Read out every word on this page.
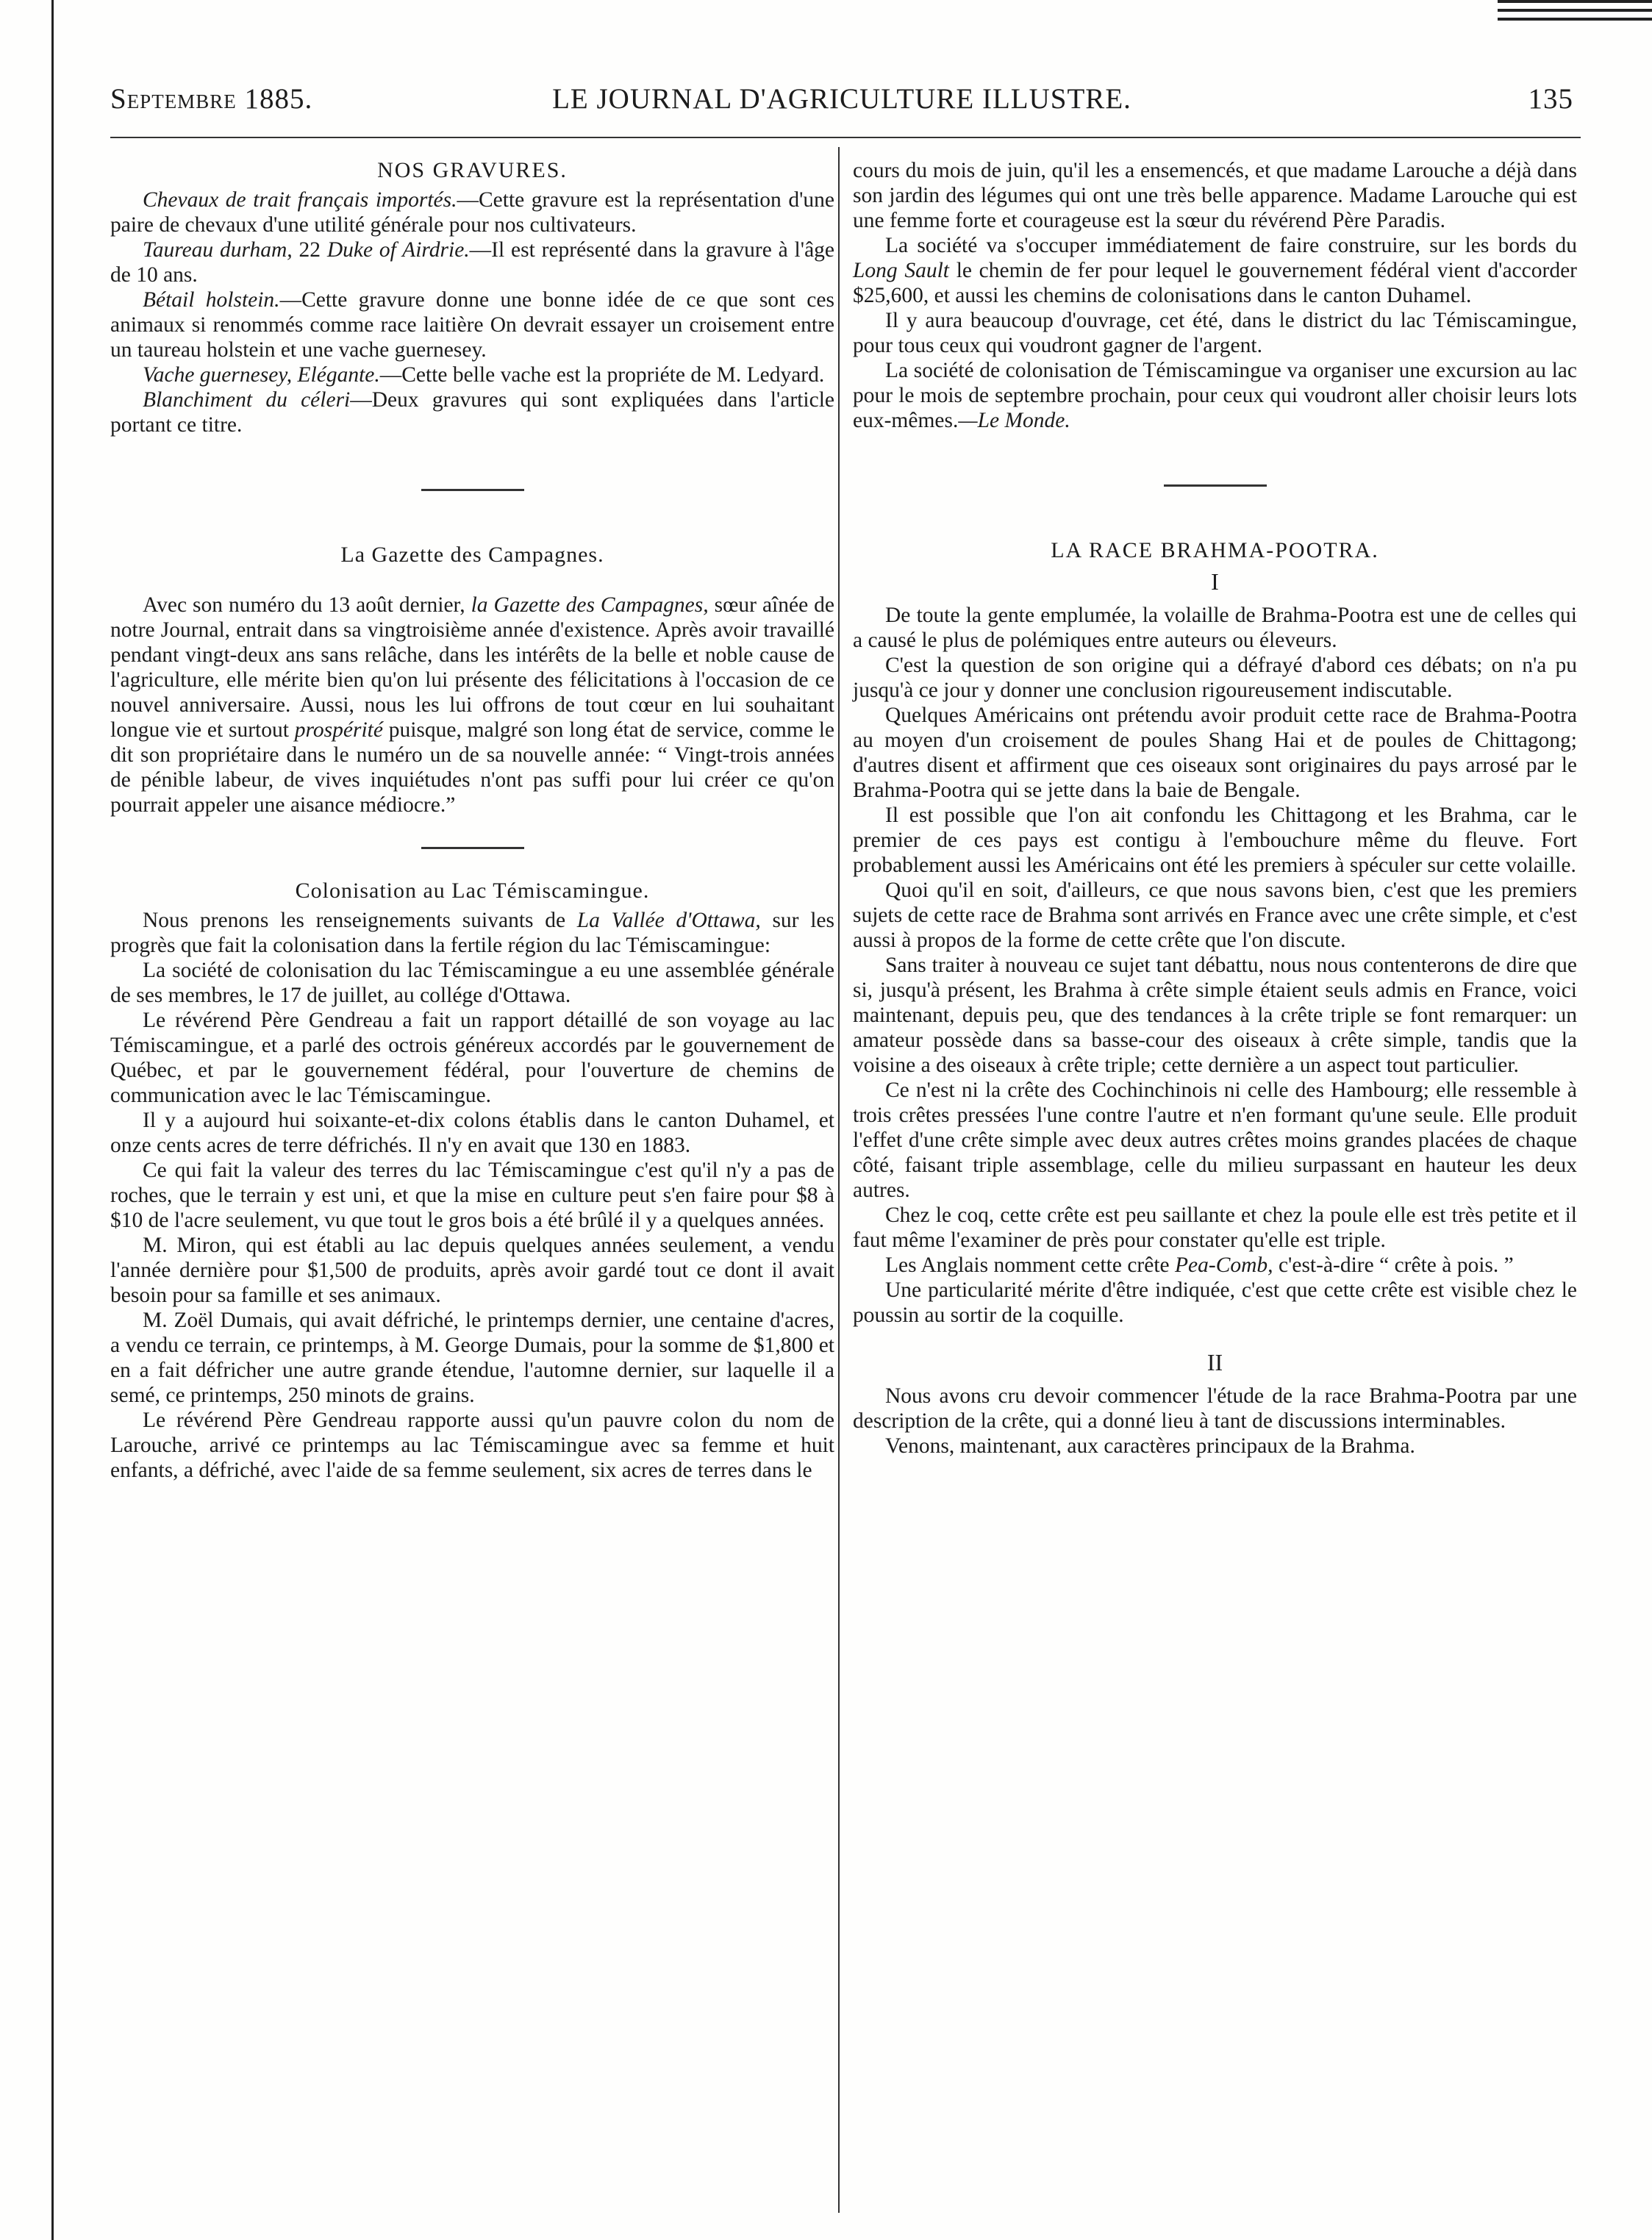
Septembre 1885.	LE JOURNAL D'AGRICULTURE ILLUSTRE.	135
NOS GRAVURES.

Chevaux de trait français importés.—Cette gravure est la représentation d'une paire de chevaux d'une utilité générale pour nos cultivateurs.

Taureau durham, 22 Duke of Airdrie.—Il est représenté dans la gravure à l'âge de 10 ans.

Bétail holstein.—Cette gravure donne une bonne idée de ce que sont ces animaux si renommés comme race laitière On devrait essayer un croisement entre un taureau holstein et une vache guernesey.

Vache guernesey, Elégante.—Cette belle vache est la propriéte de M. Ledyard.

Blanchiment du céleri—Deux gravures qui sont expliquées dans l'article portant ce titre.

La Gazette des Campagnes.

Avec son numéro du 13 août dernier, la Gazette des Campagnes, sœur aînée de notre Journal, entrait dans sa vingtroisième année d'existence. Après avoir travaillé pendant vingt-deux ans sans relâche, dans les intérêts de la belle et noble cause de l'agriculture, elle mérite bien qu'on lui présente des félicitations à l'occasion de ce nouvel anniversaire. Aussi, nous les lui offrons de tout cœur en lui souhaitant longue vie et surtout prospérité puisque, malgré son long état de service, comme le dit son propriétaire dans le numéro un de sa nouvelle année: “ Vingt-trois années de pénible labeur, de vives inquiétudes n'ont pas suffi pour lui créer ce qu'on pourrait appeler une aisance médiocre.”

Colonisation au Lac Témiscamingue.

Nous prenons les renseignements suivants de La Vallée d'Ottawa, sur les progrès que fait la colonisation dans la fertile région du lac Témiscamingue:

La société de colonisation du lac Témiscamingue a eu une assemblée générale de ses membres, le 17 de juillet, au collége d'Ottawa.

Le révérend Père Gendreau a fait un rapport détaillé de son voyage au lac Témiscamingue, et a parlé des octrois généreux accordés par le gouvernement de Québec, et par le gouvernement fédéral, pour l'ouverture de chemins de communication avec le lac Témiscamingue.

Il y a aujourd hui soixante-et-dix colons établis dans le canton Duhamel, et onze cents acres de terre défrichés. Il n'y en avait que 130 en 1883.

Ce qui fait la valeur des terres du lac Témiscamingue c'est qu'il n'y a pas de roches, que le terrain y est uni, et que la mise en culture peut s'en faire pour $8 à $10 de l'acre seulement, vu que tout le gros bois a été brûlé il y a quelques années.

M. Miron, qui est établi au lac depuis quelques années seulement, a vendu l'année dernière pour $1,500 de produits, après avoir gardé tout ce dont il avait besoin pour sa famille et ses animaux.

M. Zoël Dumais, qui avait défriché, le printemps dernier, une centaine d'acres, a vendu ce terrain, ce printemps, à M. George Dumais, pour la somme de $1,800 et en a fait défricher une autre grande étendue, l'automne dernier, sur laquelle il a semé, ce printemps, 250 minots de grains.

Le révérend Père Gendreau rapporte aussi qu'un pauvre colon du nom de Larouche, arrivé ce printemps au lac Témiscamingue avec sa femme et huit enfants, a défriché, avec l'aide de sa femme seulement, six acres de terres dans le

cours du mois de juin, qu'il les a ensemencés, et que madame Larouche a déjà dans son jardin des légumes qui ont une très belle apparence. Madame Larouche qui est une femme forte et courageuse est la sœur du révérend Père Paradis.

La société va s'occuper immédiatement de faire construire, sur les bords du Long Sault le chemin de fer pour lequel le gouvernement fédéral vient d'accorder $25,600, et aussi les chemins de colonisations dans le canton Duhamel.

Il y aura beaucoup d'ouvrage, cet été, dans le district du lac Témiscamingue, pour tous ceux qui voudront gagner de l'argent.

La société de colonisation de Témiscamingue va organiser une excursion au lac pour le mois de septembre prochain, pour ceux qui voudront aller choisir leurs lots eux-mêmes.—Le Monde.

LA RACE BRAHMA-POOTRA.
I

De toute la gente emplumée, la volaille de Brahma-Pootra est une de celles qui a causé le plus de polémiques entre auteurs ou éleveurs.

C'est la question de son origine qui a défrayé d'abord ces débats; on n'a pu jusqu'à ce jour y donner une conclusion rigoureusement indiscutable.

Quelques Américains ont prétendu avoir produit cette race de Brahma-Pootra au moyen d'un croisement de poules Shang Hai et de poules de Chittagong; d'autres disent et affirment que ces oiseaux sont originaires du pays arrosé par le Brahma-Pootra qui se jette dans la baie de Bengale.

Il est possible que l'on ait confondu les Chittagong et les Brahma, car le premier de ces pays est contigu à l'embouchure même du fleuve. Fort probablement aussi les Américains ont été les premiers à spéculer sur cette volaille.

Quoi qu'il en soit, d'ailleurs, ce que nous savons bien, c'est que les premiers sujets de cette race de Brahma sont arrivés en France avec une crête simple, et c'est aussi à propos de la forme de cette crête que l'on discute.

Sans traiter à nouveau ce sujet tant débattu, nous nous contenterons de dire que si, jusqu'à présent, les Brahma à crête simple étaient seuls admis en France, voici maintenant, depuis peu, que des tendances à la crête triple se font remarquer: un amateur possède dans sa basse-cour des oiseaux à crête simple, tandis que la voisine a des oiseaux à crête triple; cette dernière a un aspect tout particulier.

Ce n'est ni la crête des Cochinchinois ni celle des Hambourg; elle ressemble à trois crêtes pressées l'une contre l'autre et n'en formant qu'une seule. Elle produit l'effet d'une crête simple avec deux autres crêtes moins grandes placées de chaque côté, faisant triple assemblage, celle du milieu surpassant en hauteur les deux autres.

Chez le coq, cette crête est peu saillante et chez la poule elle est très petite et il faut même l'examiner de près pour constater qu'elle est triple.

Les Anglais nomment cette crête Pea-Comb, c'est-à-dire “ crête à pois. ”

Une particularité mérite d'être indiquée, c'est que cette crête est visible chez le poussin au sortir de la coquille.

II

Nous avons cru devoir commencer l'étude de la race Brahma-Pootra par une description de la crête, qui a donné lieu à tant de discussions interminables.

Venons, maintenant, aux caractères principaux de la Brahma.
